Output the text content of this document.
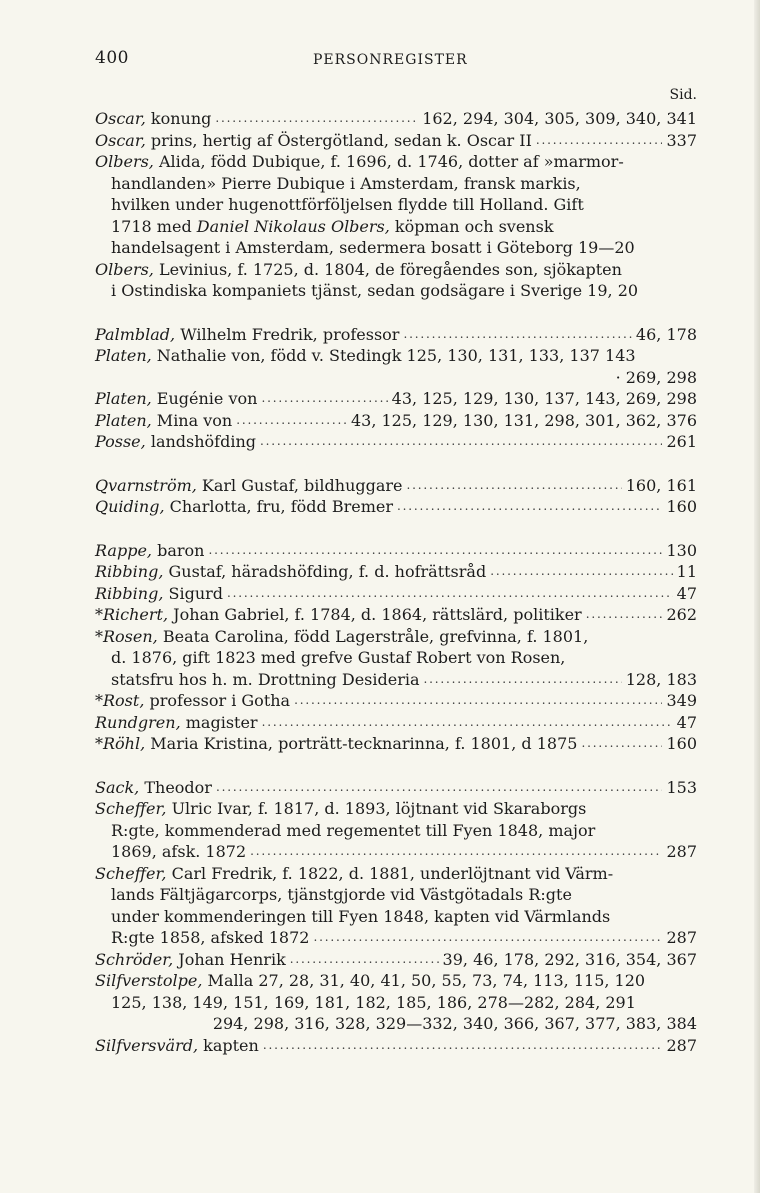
400	PERSONREGISTER
Sid.
Oscar, konung . . .	162, 294, 304, 305, 309, 340, 341
Oscar, prins, hertig af Östergötland, sedan k. Oscar II . . .	337
Olbers, Alida, född Dubique, f. 1696, d. 1746, dotter af »marmor-
handlanden» Pierre Dubique i Amsterdam, fransk markis,
hvilken under hugenottförföljelsen flydde till Holland. Gift
1718 med Daniel Nikolaus Olbers, köpman och svensk
handelsagent i Amsterdam, sedermera bosatt i Göteborg 19—20
Olbers, Levinius, f. 1725, d. 1804, de föregåendes son, sjökapten
i Ostindiska kompaniets tjänst, sedan godsägare i Sverige 19, 20
Palmblad, Wilhelm Fredrik, professor . . .	46, 178
Platen, Nathalie von, född v. Stedingk 125, 130, 131, 133, 137 143
· 269, 298
Platen, Eugénie von . . .	43, 125, 129, 130, 137, 143, 269, 298
Platen, Mina von . . .	43, 125, 129, 130, 131, 298, 301, 362, 376
Posse, landshöfding . . .	261
Qvarnström, Karl Gustaf, bildhuggare . . .	160, 161
Quiding, Charlotta, fru, född Bremer . . .	160
Rappe, baron . . .	130
Ribbing, Gustaf, häradshöfding, f. d. hofrättsråd . . .	11
Ribbing, Sigurd . . .	47
*Richert, Johan Gabriel, f. 1784, d. 1864, rättslärd, politiker . . .	262
*Rosen, Beata Carolina, född Lagerstråle, grefvinna, f. 1801,
d. 1876, gift 1823 med grefve Gustaf Robert von Rosen,
statsfru hos h. m. Drottning Desideria . . .	128, 183
*Rost, professor i Gotha . . .	349
Rundgren, magister . . .	47
*Röhl, Maria Kristina, porträtt-tecknarinna, f. 1801, d 1875 . . .	160
Sack, Theodor . . .	153
Scheffer, Ulric Ivar, f. 1817, d. 1893, löjtnant vid Skaraborgs
R:gte, kommenderad med regementet till Fyen 1848, major
1869, afsk. 1872 . . .	287
Scheffer, Carl Fredrik, f. 1822, d. 1881, underlöjtnant vid Värm-
lands Fältjägarcorps, tjänstgjorde vid Västgötadals R:gte
under kommenderingen till Fyen 1848, kapten vid Värmlands
R:gte 1858, afsked 1872 . . .	287
Schröder, Johan Henrik . . .	39, 46, 178, 292, 316, 354, 367
Silfverstolpe, Malla 27, 28, 31, 40, 41, 50, 55, 73, 74, 113, 115, 120
125, 138, 149, 151, 169, 181, 182, 185, 186, 278—282, 284, 291
294, 298, 316, 328, 329—332, 340, 366, 367, 377, 383, 384
Silfversvärd, kapten . . .	287
